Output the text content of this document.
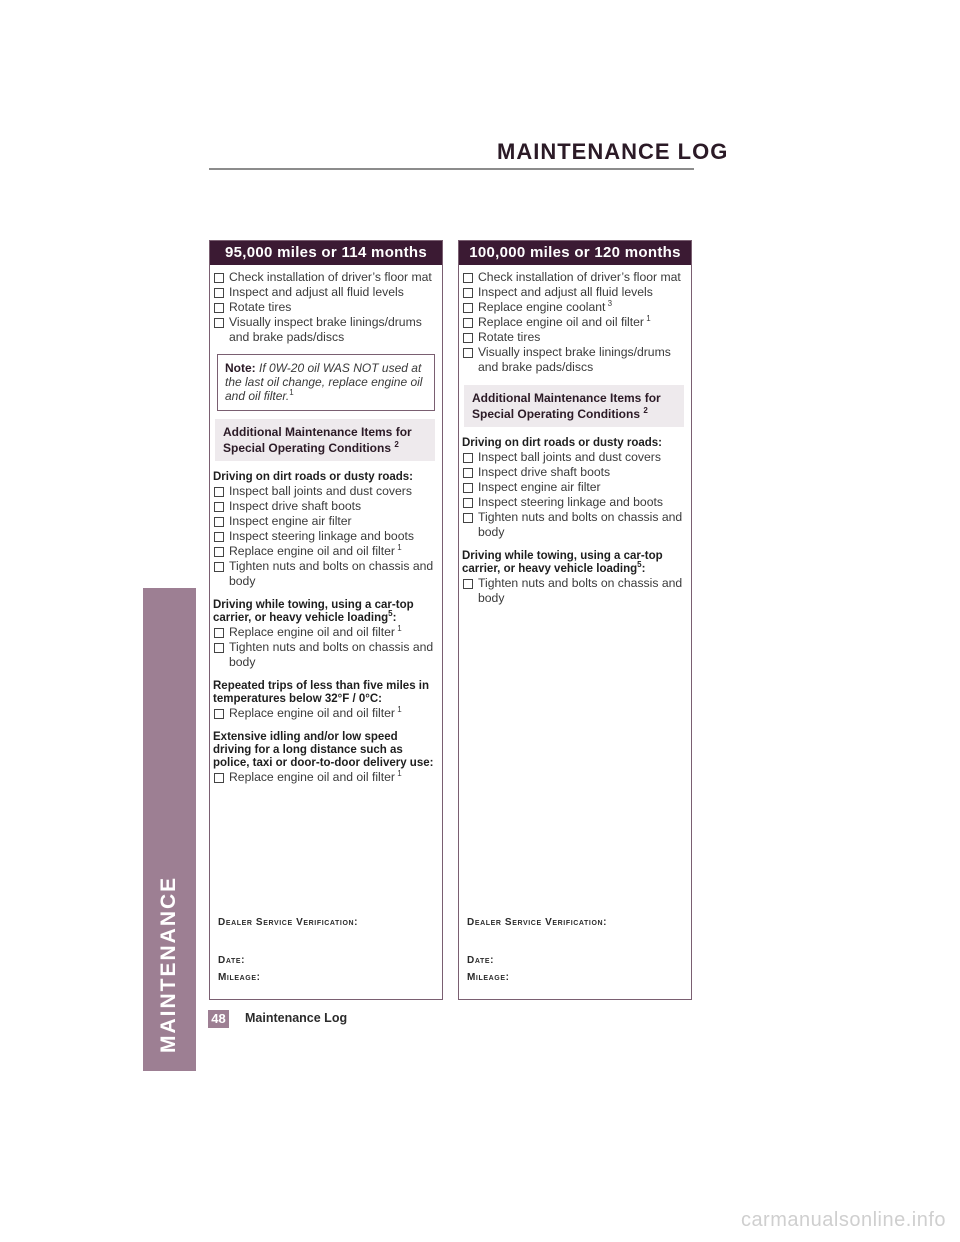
MAINTENANCE LOG
MAINTENANCE
95,000 miles or 114 months
Check installation of driver’s floor mat
Inspect and adjust all fluid levels
Rotate tires
Visually inspect brake linings/drums and brake pads/discs
Note: If 0W-20 oil WAS NOT used at the last oil change, replace engine oil and oil filter.$^1$
Additional Maintenance Items for Special Operating Conditions $^2$
Driving on dirt roads or dusty roads:
Inspect ball joints and dust covers
Inspect drive shaft boots
Inspect engine air filter
Inspect steering linkage and boots
Replace engine oil and oil filter $^1$
Tighten nuts and bolts on chassis and body
Driving while towing, using a car-top carrier, or heavy vehicle loading$^5$:
Replace engine oil and oil filter $^1$
Tighten nuts and bolts on chassis and body
Repeated trips of less than five miles in temperatures below 32°F / 0°C:
Replace engine oil and oil filter $^1$
Extensive idling and/or low speed driving for a long distance such as police, taxi or door-to-door delivery use:
Replace engine oil and oil filter $^1$
Dealer Service Verification:
Date:
Mileage:
100,000 miles or 120 months
Check installation of driver’s floor mat
Inspect and adjust all fluid levels
Replace engine coolant $^3$
Replace engine oil and oil filter $^1$
Rotate tires
Visually inspect brake linings/drums and brake pads/discs
Additional Maintenance Items for Special Operating Conditions $^2$
Driving on dirt roads or dusty roads:
Inspect ball joints and dust covers
Inspect drive shaft boots
Inspect engine air filter
Inspect steering linkage and boots
Tighten nuts and bolts on chassis and body
Driving while towing, using a car-top carrier, or heavy vehicle loading$^5$:
Tighten nuts and bolts on chassis and body
Dealer Service Verification:
Date:
Mileage:
48 Maintenance Log
carmanualsonline.info
